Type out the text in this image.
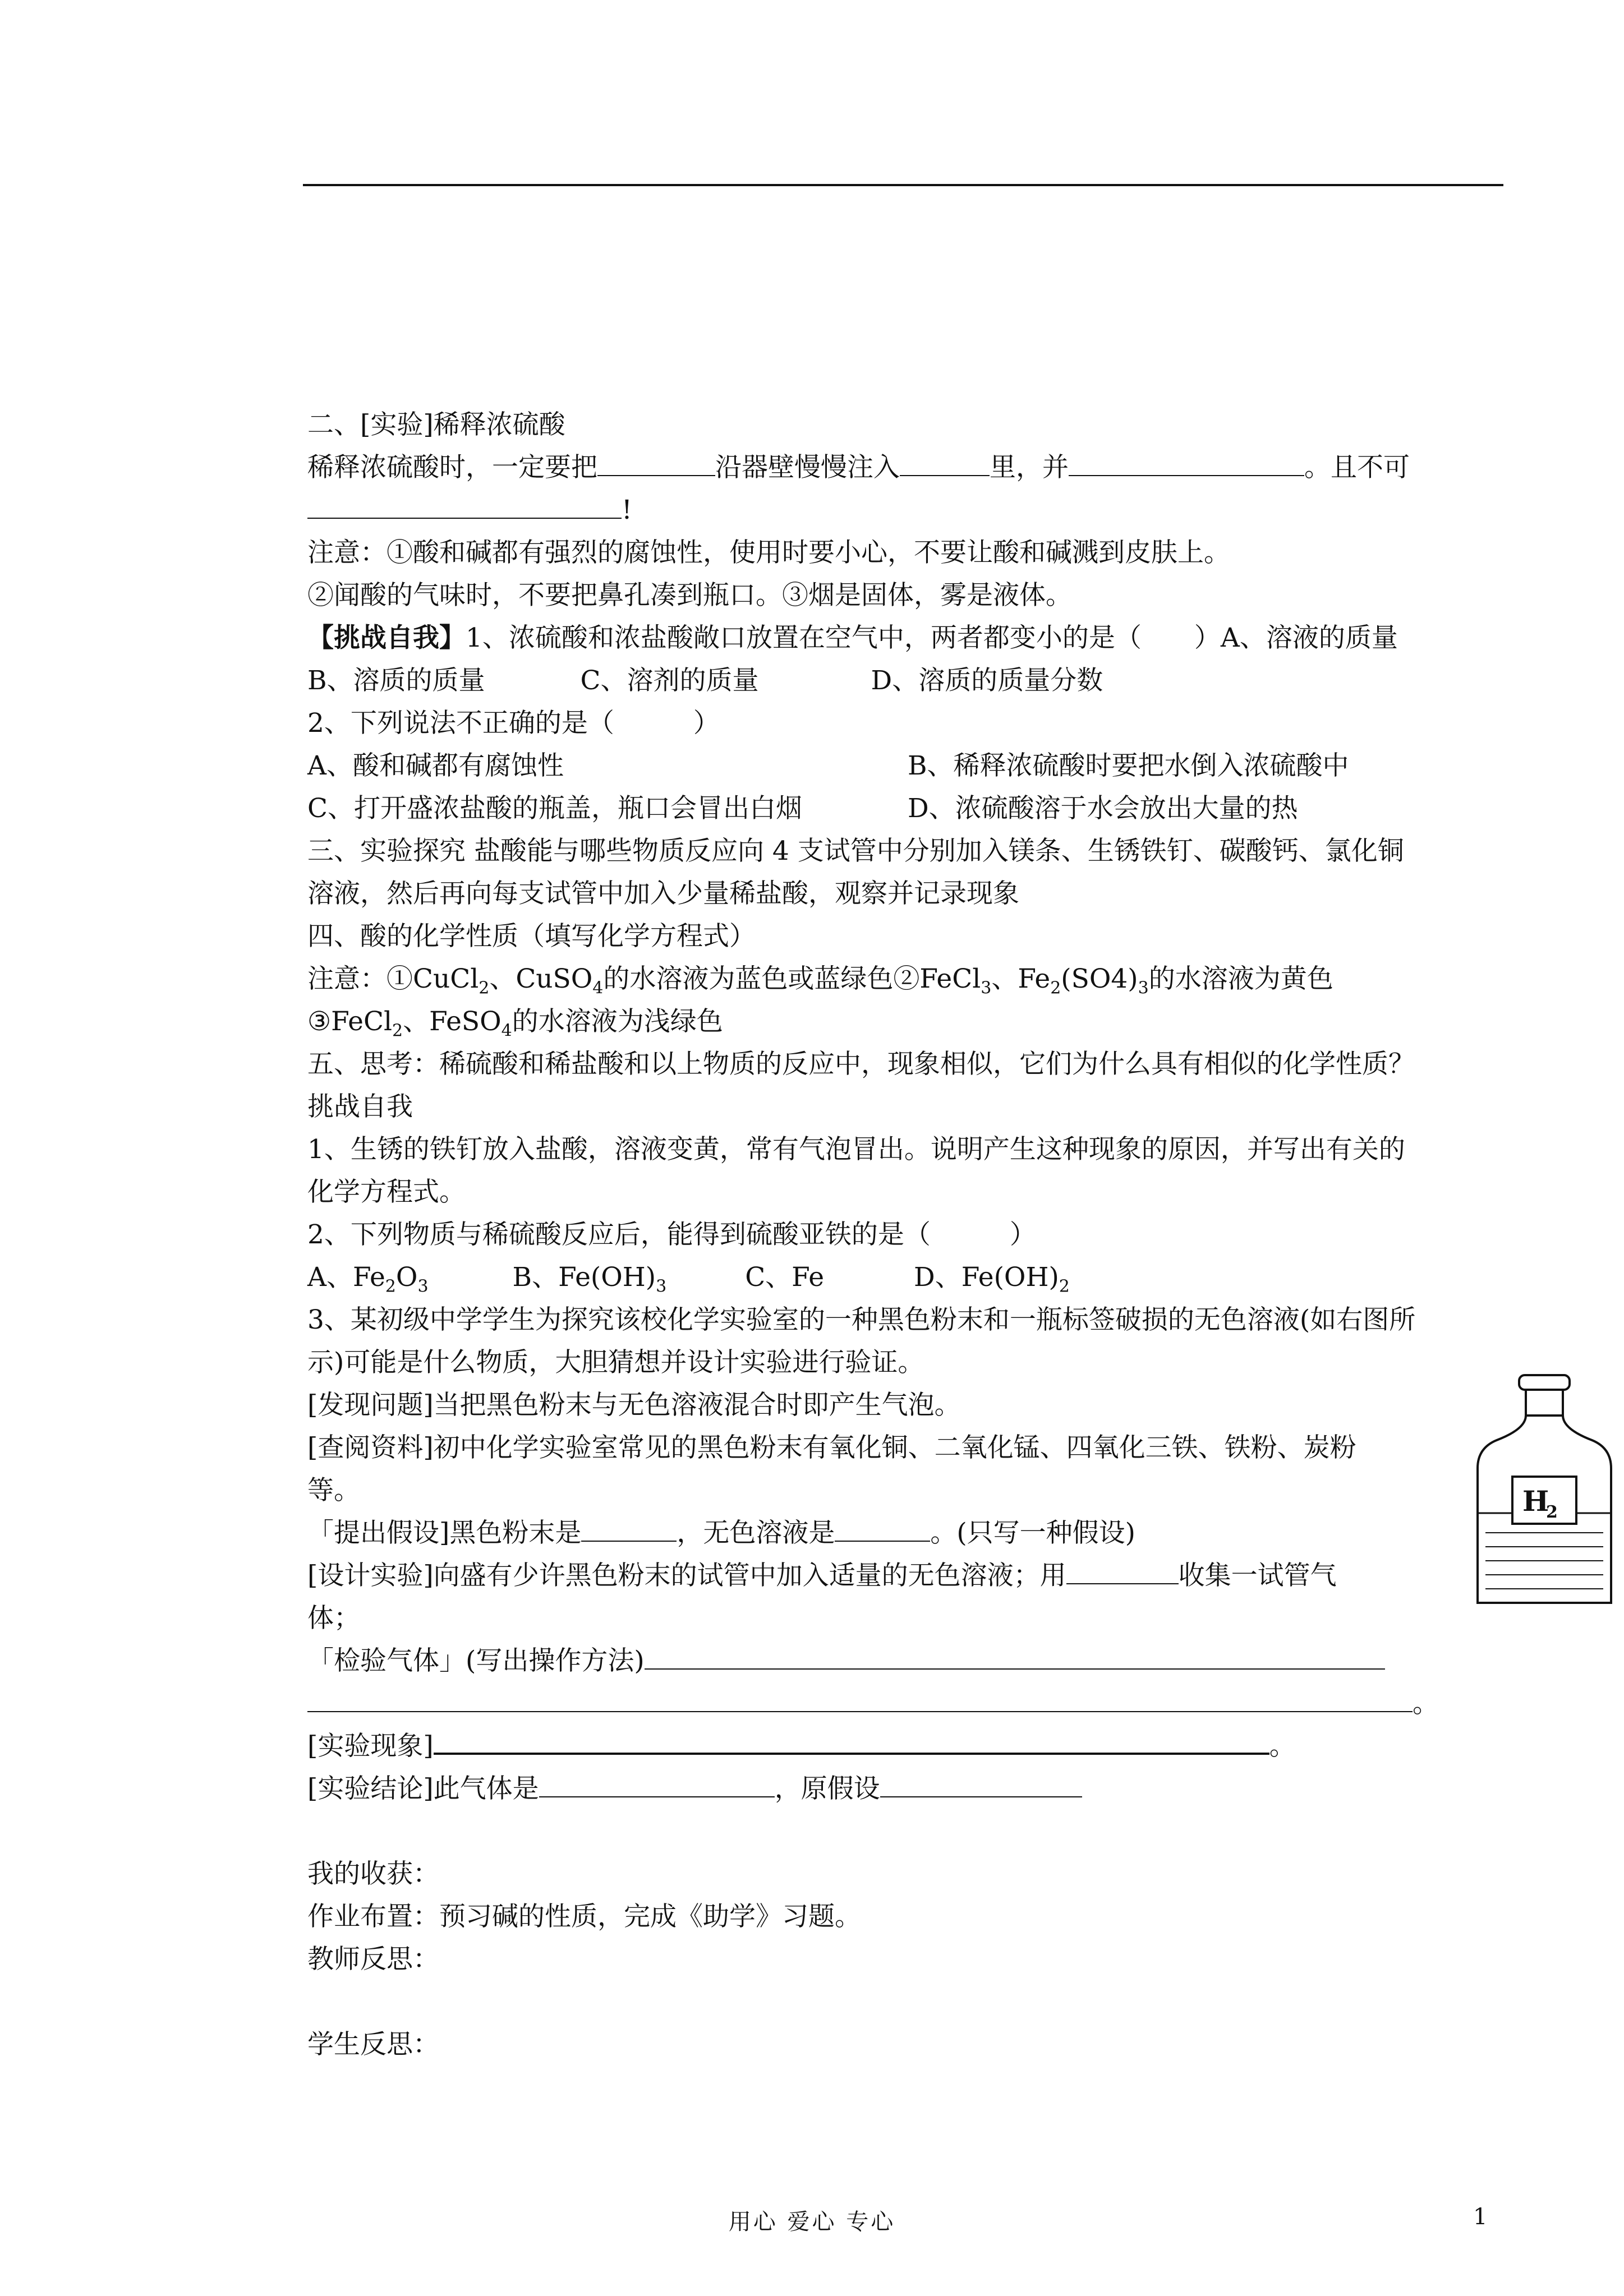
二、[实验]稀释浓硫酸
稀释浓硫酸时，一定要把	沿器壁慢慢注入	里，并	。且不可
!
注意：①酸和碱都有强烈的腐蚀性，使用时要小心，不要让酸和碱溅到皮肤上。
②闻酸的气味时，不要把鼻孔凑到瓶口。③烟是固体，雾是液体。
【挑战自我】1、浓硫酸和浓盐酸敞口放置在空气中，两者都变小的是（　　）A、溶液的质量
B、溶质的质量	C、溶剂的质量	D、溶质的质量分数
2、下列说法不正确的是（　　　）
A、酸和碱都有腐蚀性	B、稀释浓硫酸时要把水倒入浓硫酸中
C、打开盛浓盐酸的瓶盖，瓶口会冒出白烟	D、浓硫酸溶于水会放出大量的热
三、实验探究 盐酸能与哪些物质反应向 4 支试管中分别加入镁条、生锈铁钉、碳酸钙、氯化铜
溶液，然后再向每支试管中加入少量稀盐酸，观察并记录现象
四、酸的化学性质（填写化学方程式）
注意：①CuCl$_2$、CuSO$_4$的水溶液为蓝色或蓝绿色②FeCl$_3$、$Fe_2(SO4)_3$的水溶液为黄色
③FeCl$_2$、FeSO$_4$的水溶液为浅绿色
五、思考：稀硫酸和稀盐酸和以上物质的反应中，现象相似，它们为什么具有相似的化学性质？
挑战自我
1、生锈的铁钉放入盐酸，溶液变黄，常有气泡冒出。说明产生这种现象的原因，并写出有关的
化学方程式。
2、下列物质与稀硫酸反应后，能得到硫酸亚铁的是（　　　）
A、$Fe_2O_3$	B、$Fe(OH)_3$	C、Fe	D、$Fe(OH)_2$
3、某初级中学学生为探究该校化学实验室的一种黑色粉末和一瓶标签破损的无色溶液(如右图所
示)可能是什么物质，大胆猜想并设计实验进行验证。
[发现问题]当把黑色粉末与无色溶液混合时即产生气泡。
[查阅资料]初中化学实验室常见的黑色粉末有氧化铜、二氧化锰、四氧化三铁、铁粉、炭粉
等。
「提出假设]黑色粉末是	，无色溶液是	。(只写一种假设)
[设计实验]向盛有少许黑色粉末的试管中加入适量的无色溶液；用	收集一试管气
体；
「检验气体」(写出操作方法)
。
[实验现象]	。
[实验结论]此气体是	，原假设
我的收获：
作业布置：预习碱的性质，完成《助学》习题。
教师反思：
学生反思：
H
2
用心 爱心 专心	1
